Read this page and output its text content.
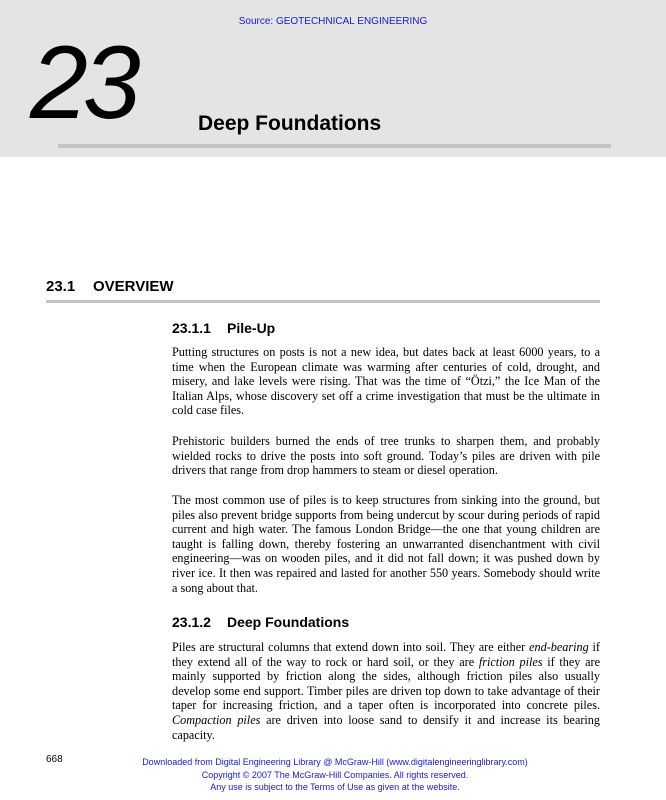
Source: GEOTECHNICAL ENGINEERING
23	Deep Foundations
23.1 OVERVIEW
23.1.1 Pile-Up

Putting structures on posts is not a new idea, but dates back at least 6000 years, to a time when the European climate was warming after centuries of cold, drought, and misery, and lake levels were rising. That was the time of “Ötzi,” the Ice Man of the Italian Alps, whose discovery set off a crime investigation that must be the ultimate in cold case files.

Prehistoric builders burned the ends of tree trunks to sharpen them, and probably wielded rocks to drive the posts into soft ground. Today’s piles are driven with pile drivers that range from drop hammers to steam or diesel operation.

The most common use of piles is to keep structures from sinking into the ground, but piles also prevent bridge supports from being undercut by scour during periods of rapid current and high water. The famous London Bridge—the one that young children are taught is falling down, thereby fostering an unwarranted disenchantment with civil engineering—was on wooden piles, and it did not fall down; it was pushed down by river ice. It then was repaired and lasted for another 550 years. Somebody should write a song about that.

23.1.2 Deep Foundations

Piles are structural columns that extend down into soil. They are either end-bearing if they extend all of the way to rock or hard soil, or they are friction piles if they are mainly supported by friction along the sides, although friction piles also usually develop some end support. Timber piles are driven top down to take advantage of their taper for increasing friction, and a taper often is incorporated into concrete piles. Compaction piles are driven into loose sand to densify it and increase its bearing capacity.

668	Downloaded from Digital Engineering Library @ McGraw-Hill (www.digitalengineeringlibrary.com)
Copyright © 2007 The McGraw-Hill Companies. All rights reserved.
Any use is subject to the Terms of Use as given at the website.
